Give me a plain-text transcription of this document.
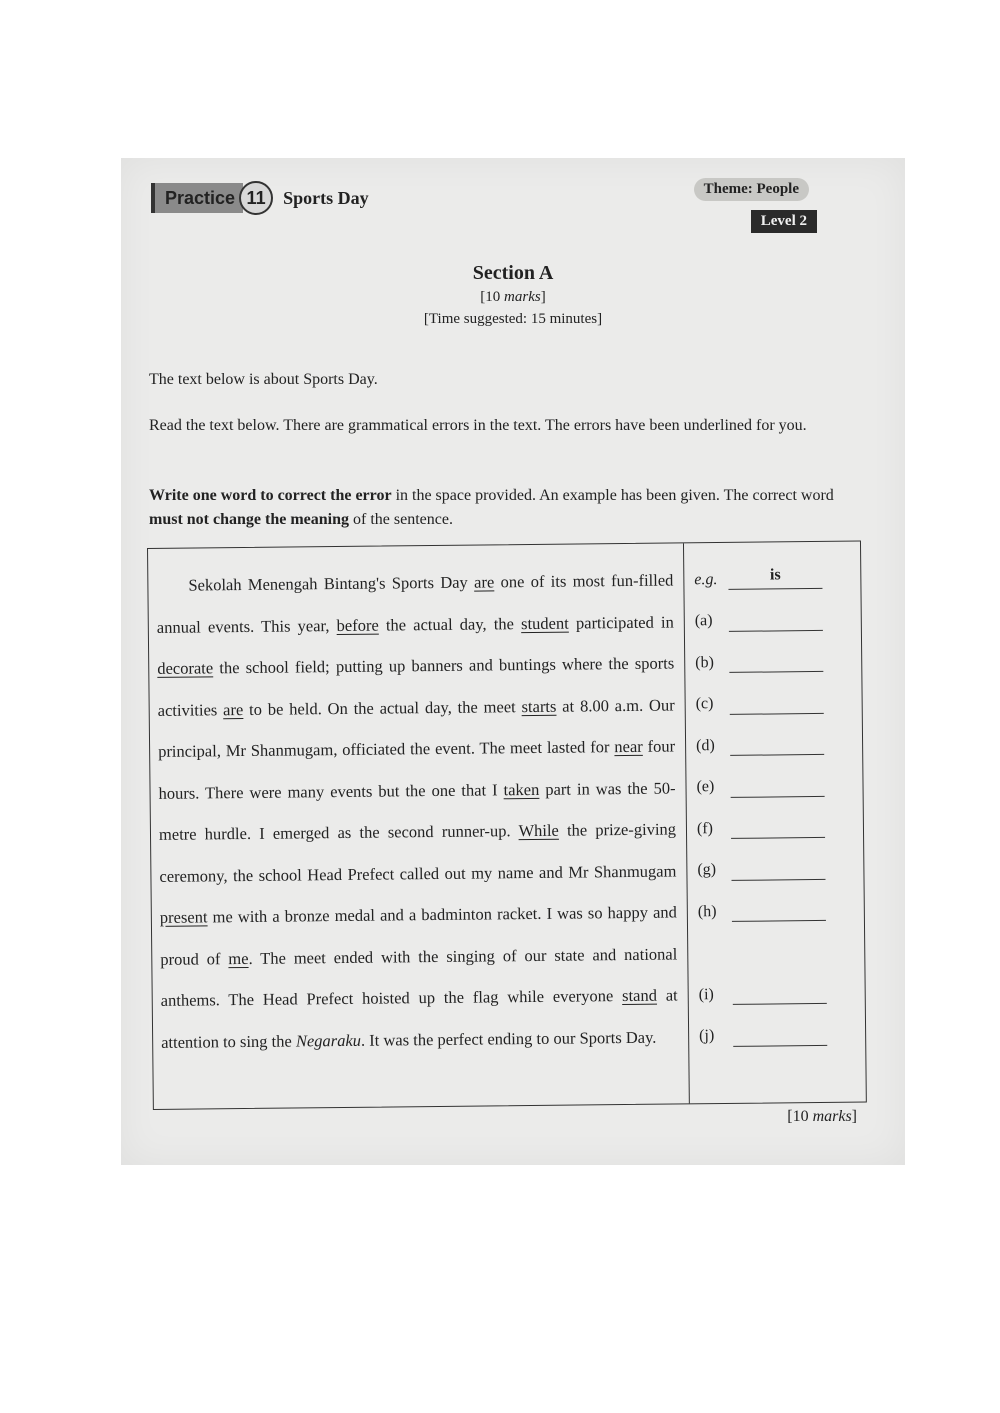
Practice 11 Sports Day	Theme: People
Level 2
Section A
[10 marks]
[Time suggested: 15 minutes]
The text below is about Sports Day.
Read the text below. There are grammatical errors in the text. The errors have been underlined for you.
Write one word to correct the error in the space provided. An example has been given. The correct word must not change the meaning of the sentence.
Sekolah Menengah Bintang's Sports Day are one of its most fun-filled annual events. This year, before the actual day, the student participated in decorate the school field; putting up banners and buntings where the sports activities are to be held. On the actual day, the meet starts at 8.00 a.m. Our principal, Mr Shanmugam, officiated the event. The meet lasted for near four hours. There were many events but the one that I taken part in was the 50-metre hurdle. I emerged as the second runner-up. While the prize-giving ceremony, the school Head Prefect called out my name and Mr Shanmugam present me with a bronze medal and a badminton racket. I was so happy and proud of me. The meet ended with the singing of our state and national anthems. The Head Prefect hoisted up the flag while everyone stand at attention to sing the Negaraku. It was the perfect ending to our Sports Day.
e.g.	is
(a)
(b)
(c)
(d)
(e)
(f)
(g)
(h)
(i)
(j)
[10 marks]
